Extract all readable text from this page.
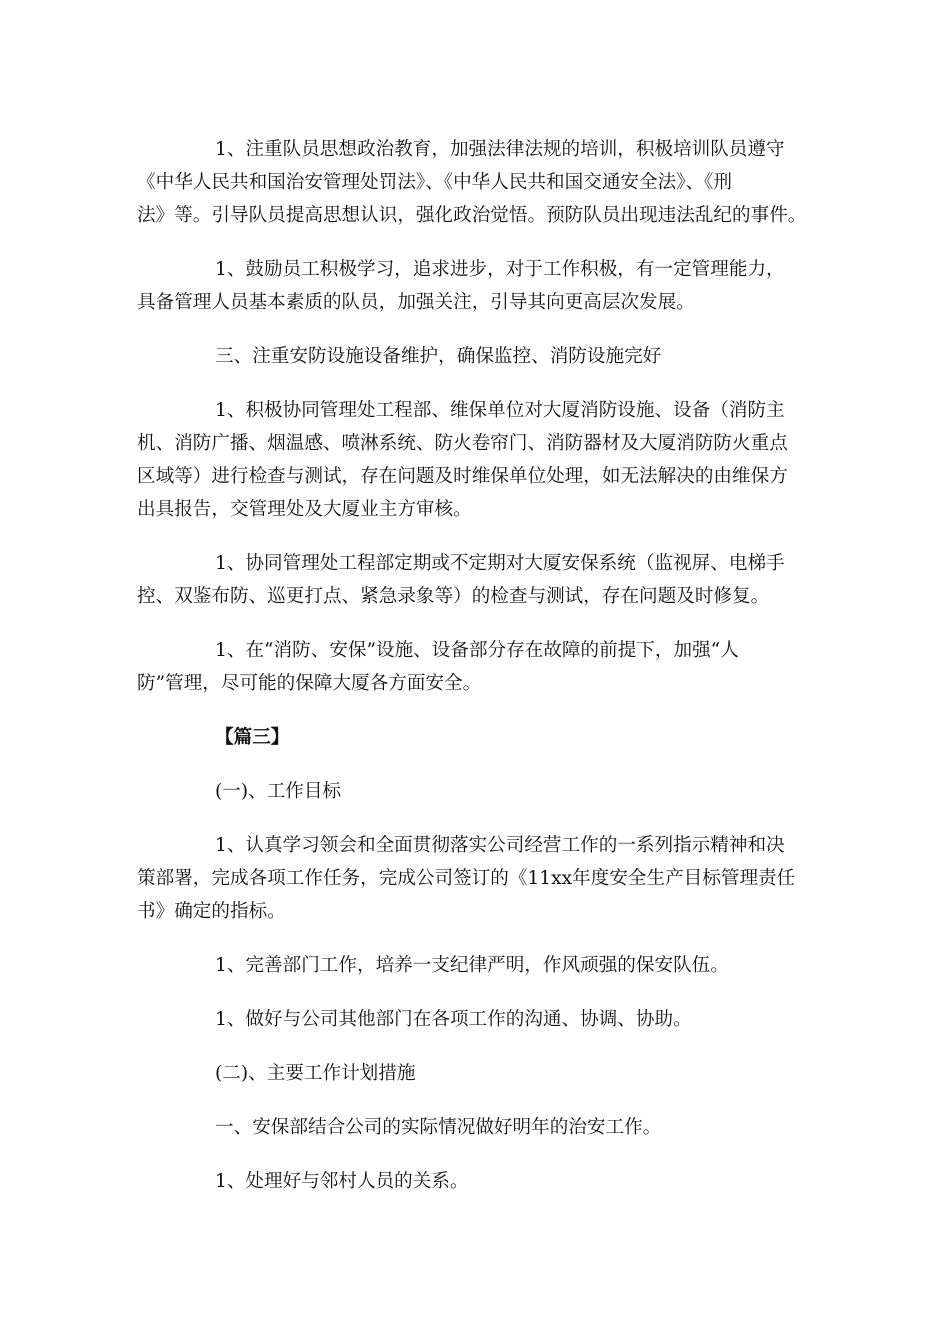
1、注重队员思想政治教育，加强法律法规的培训，积极培训队员遵守
《中华人民共和国治安管理处罚法》、《中华人民共和国交通安全法》、《刑
法》等。引导队员提高思想认识，强化政治觉悟。预防队员出现违法乱纪的事件。

1、鼓励员工积极学习，追求进步，对于工作积极，有一定管理能力，
具备管理人员基本素质的队员，加强关注，引导其向更高层次发展。

三、注重安防设施设备维护，确保监控、消防设施完好

1、积极协同管理处工程部、维保单位对大厦消防设施、设备（消防主
机、消防广播、烟温感、喷淋系统、防火卷帘门、消防器材及大厦消防防火重点
区域等）进行检查与测试，存在问题及时维保单位处理，如无法解决的由维保方
出具报告，交管理处及大厦业主方审核。

1、协同管理处工程部定期或不定期对大厦安保系统（监视屏、电梯手
控、双鉴布防、巡更打点、紧急录象等）的检查与测试，存在问题及时修复。

1、在“消防、安保”设施、设备部分存在故障的前提下，加强“人
防”管理，尽可能的保障大厦各方面安全。

【篇三】

(一)、工作目标

1、认真学习领会和全面贯彻落实公司经营工作的一系列指示精神和决
策部署，完成各项工作任务，完成公司签订的《11xx年度安全生产目标管理责任
书》确定的指标。

1、完善部门工作，培养一支纪律严明，作风顽强的保安队伍。

1、做好与公司其他部门在各项工作的沟通、协调、协助。

(二)、主要工作计划措施

一、安保部结合公司的实际情况做好明年的治安工作。

1、处理好与邻村人员的关系。
